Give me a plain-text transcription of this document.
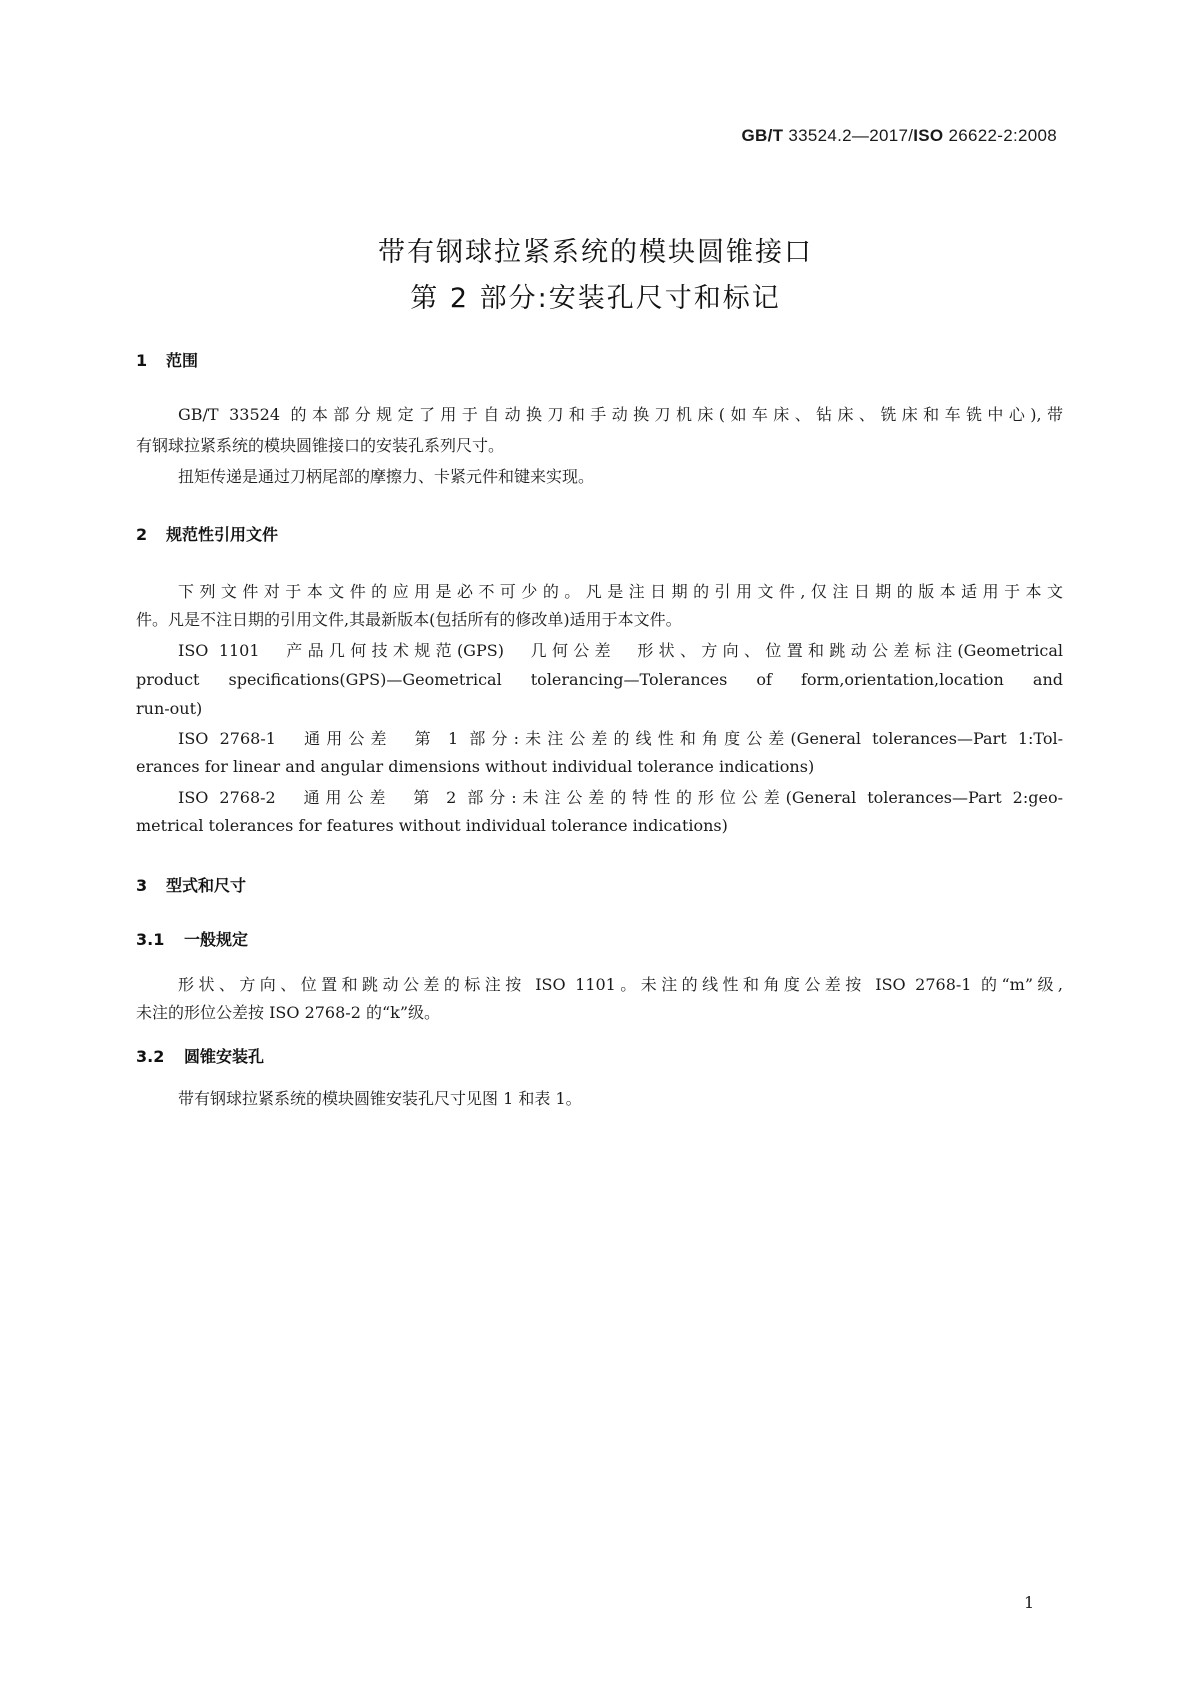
GB/T 33524.2—2017/ISO 26622-2:2008
带有钢球拉紧系统的模块圆锥接口
第 2 部分:安装孔尺寸和标记
1 范围
GB/T 33524 的本部分规定了用于自动换刀和手动换刀机床(如车床、钻床、铣床和车铣中心),带
有钢球拉紧系统的模块圆锥接口的安装孔系列尺寸。
扭矩传递是通过刀柄尾部的摩擦力、卡紧元件和键来实现。
2 规范性引用文件
下列文件对于本文件的应用是必不可少的。凡是注日期的引用文件,仅注日期的版本适用于本文
件。凡是不注日期的引用文件,其最新版本(包括所有的修改单)适用于本文件。
ISO 1101　产品几何技术规范(GPS)　几何公差　形状、方向、位置和跳动公差标注(Geometrical
product specifications(GPS)—Geometrical tolerancing—Tolerances of form,orientation,location and
run-out)
ISO 2768-1　通用公差　第 1 部分:未注公差的线性和角度公差(General tolerances—Part 1:Tol-
erances for linear and angular dimensions without individual tolerance indications)
ISO 2768-2　通用公差　第 2 部分:未注公差的特性的形位公差(General tolerances—Part 2:geo-
metrical tolerances for features without individual tolerance indications)
3 型式和尺寸
3.1 一般规定
形状、方向、位置和跳动公差的标注按 ISO 1101。未注的线性和角度公差按 ISO 2768-1 的“m”级,
未注的形位公差按 ISO 2768-2 的“k”级。
3.2 圆锥安装孔
带有钢球拉紧系统的模块圆锥安装孔尺寸见图 1 和表 1。
1
